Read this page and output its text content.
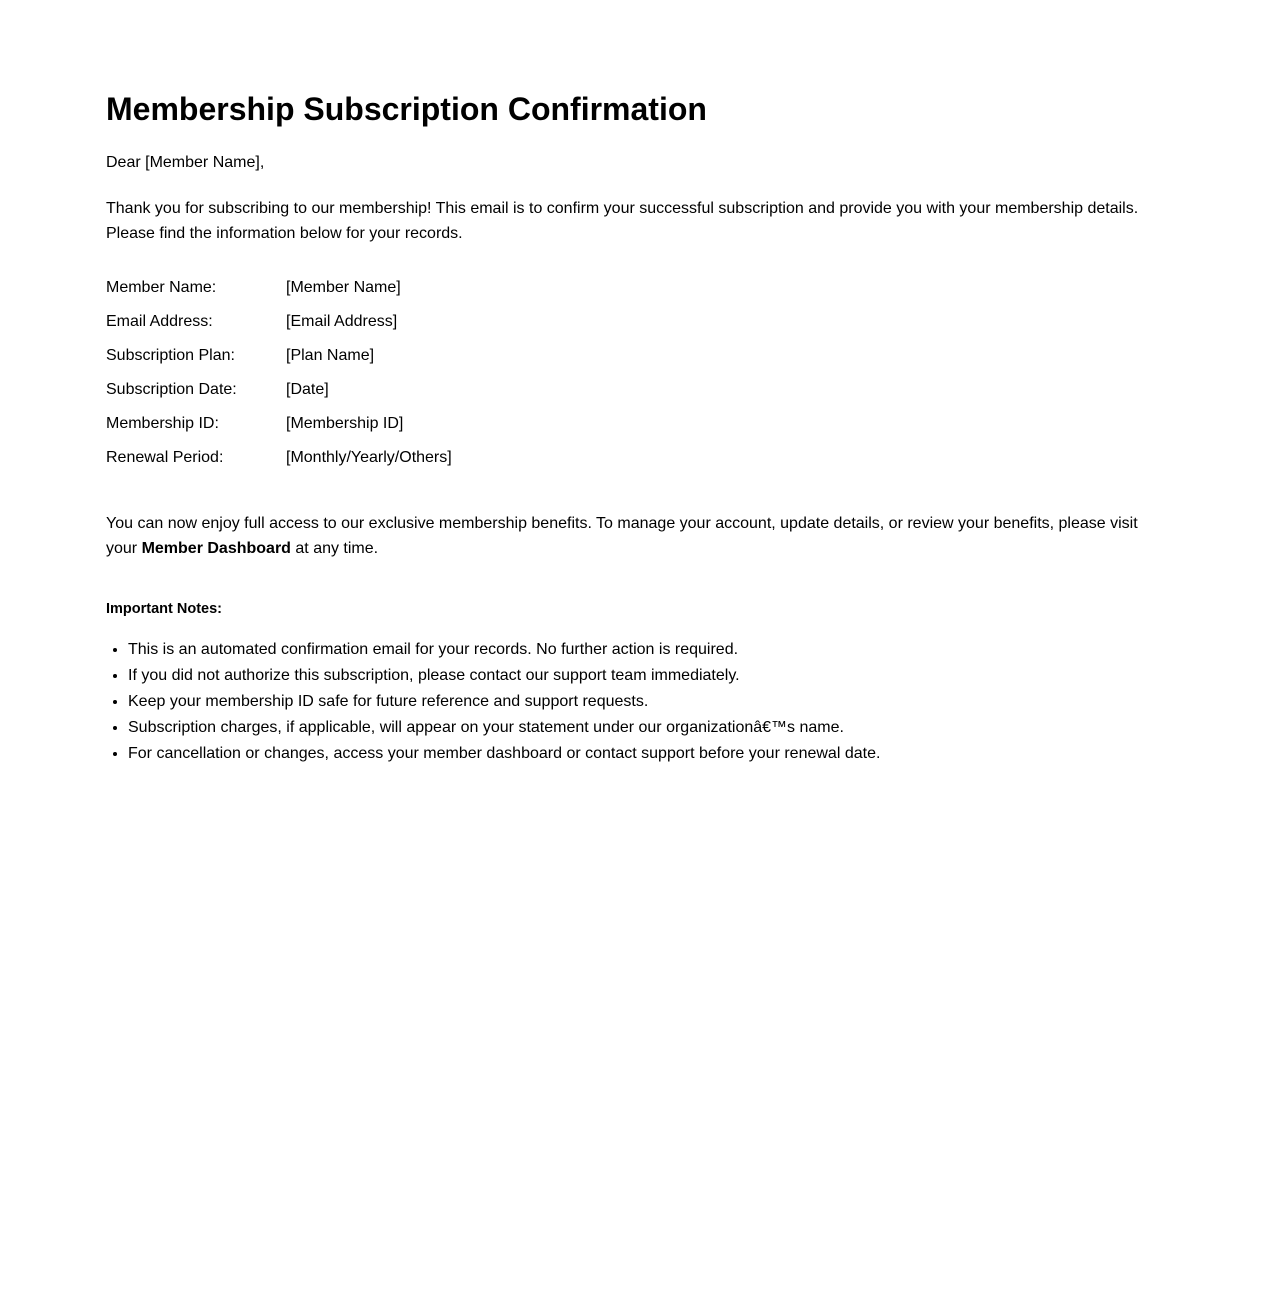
Membership Subscription Confirmation

Dear [Member Name],

Thank you for subscribing to our membership! This email is to confirm your successful subscription and provide you with your membership details. Please find the information below for your records.

Member Name:	[Member Name]
Email Address:	[Email Address]
Subscription Plan:	[Plan Name]
Subscription Date:	[Date]
Membership ID:	[Membership ID]
Renewal Period:	[Monthly/Yearly/Others]

You can now enjoy full access to our exclusive membership benefits. To manage your account, update details, or review your benefits, please visit your Member Dashboard at any time.

Important Notes:

• This is an automated confirmation email for your records. No further action is required.
• If you did not authorize this subscription, please contact our support team immediately.
• Keep your membership ID safe for future reference and support requests.
• Subscription charges, if applicable, will appear on your statement under our organizationâ€™s name.
• For cancellation or changes, access your member dashboard or contact support before your renewal date.
